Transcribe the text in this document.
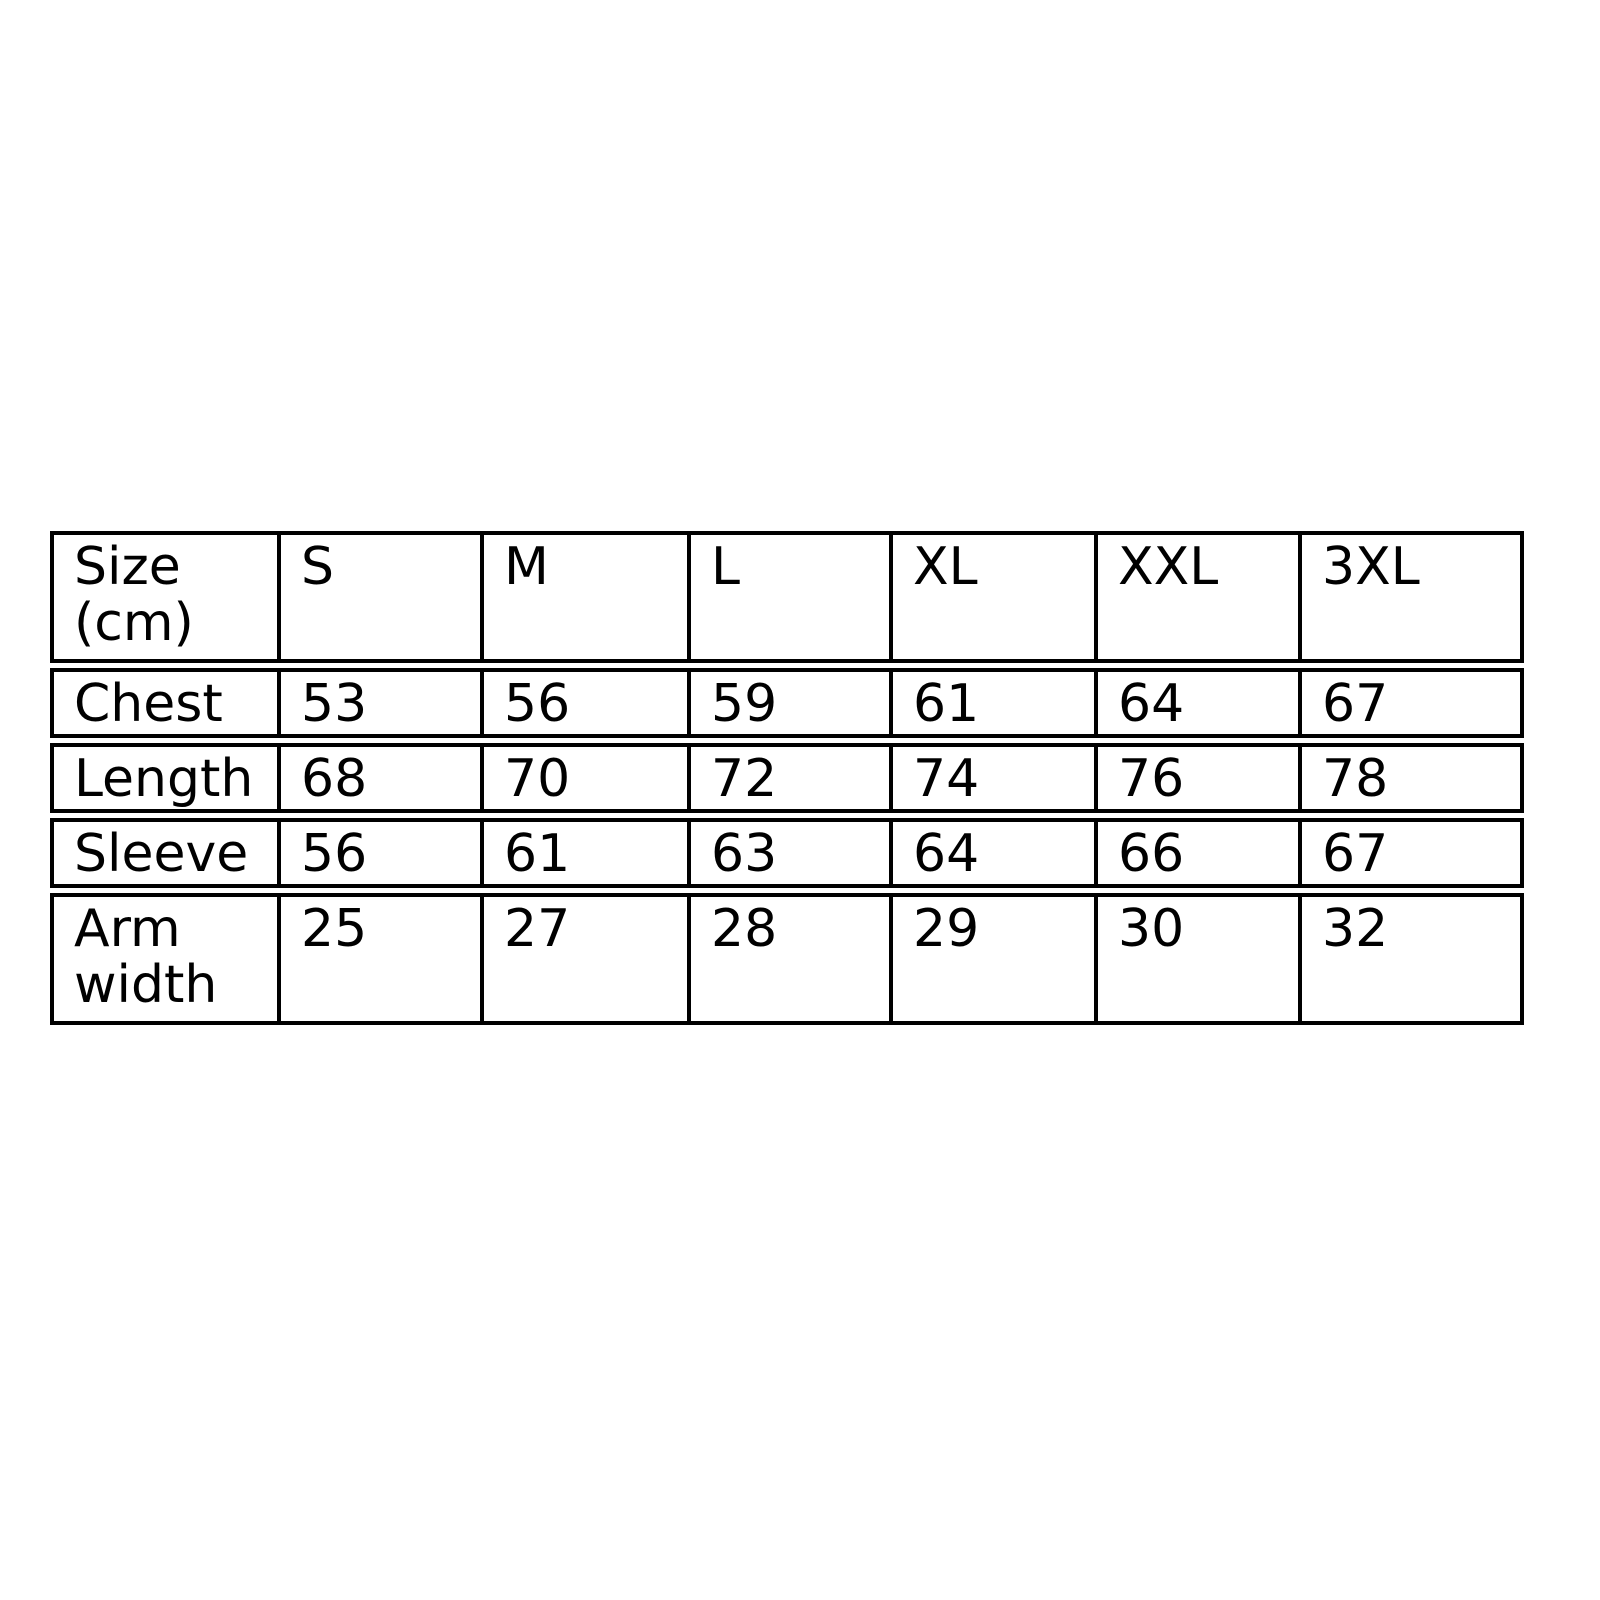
Size (cm)	S	M	L	XL	XXL	3XL
Chest	53	56	59	61	64	67
Length	68	70	72	74	76	78
Sleeve	56	61	63	64	66	67
Arm width	25	27	28	29	30	32
